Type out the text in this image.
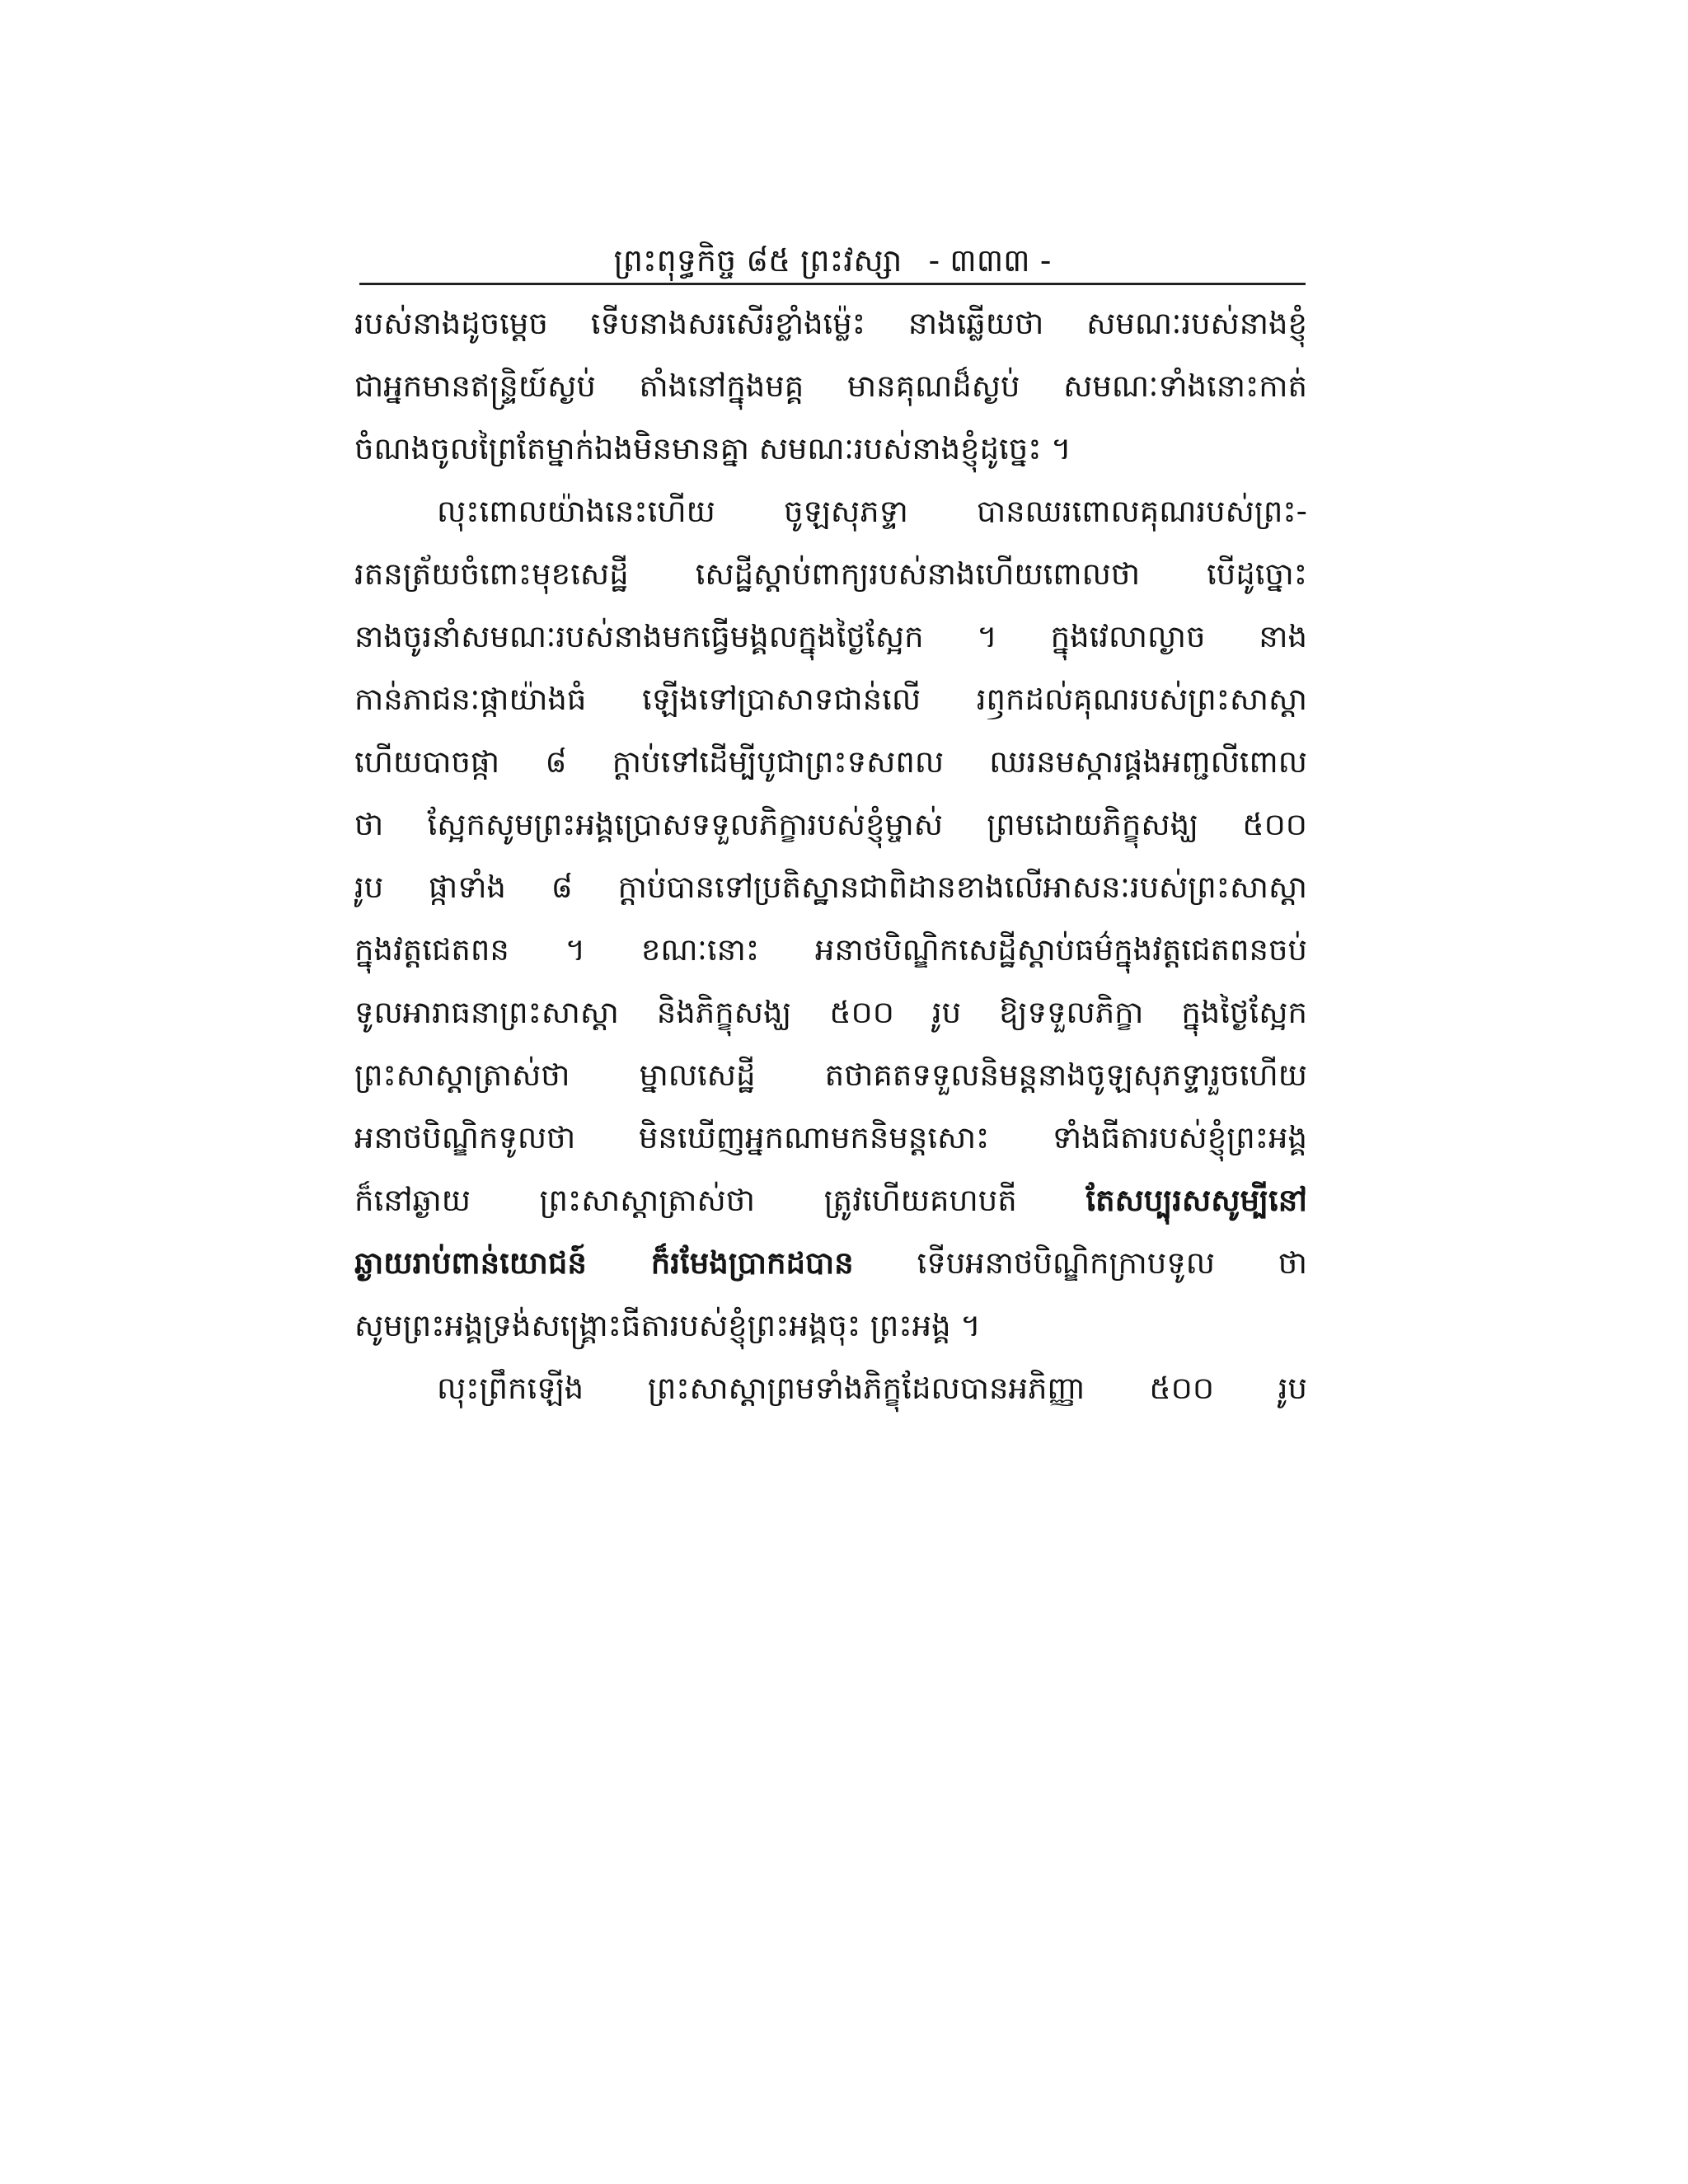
ព្រះពុទ្ធកិច្ច ៨៥ ព្រះវស្សា - ៣៣៣ -
របស់នាងដូចម្ដេច ទើបនាងសរសើរខ្លាំងម្ល៉េះ នាងឆ្លើយថា សមណៈរបស់នាងខ្ញុំ
ជាអ្នកមានឥន្ទ្រិយ៍ស្ងប់ តាំងនៅក្នុងមគ្គ មានគុណដ៏ស្ងប់ សមណៈទាំងនោះកាត់
ចំណងចូលព្រៃតែម្នាក់ឯងមិនមានគ្នា សមណៈរបស់នាងខ្ញុំដូច្នេះ ។
លុះពោលយ៉ាងនេះហើយ ចូឡសុភទ្ទា បានឈរពោលគុណរបស់ព្រះ-
រតនត្រ័យចំពោះមុខសេដ្ឋី សេដ្ឋីស្ដាប់ពាក្យរបស់នាងហើយពោលថា បើដូច្នោះ
នាងចូរនាំសមណៈរបស់នាងមកធ្វើមង្គលក្នុងថ្ងៃស្អែក ។ ក្នុងវេលាល្ងាច នាង
កាន់ភាជនៈផ្កាយ៉ាងធំ ឡើងទៅប្រាសាទជាន់លើ រឭកដល់គុណរបស់ព្រះសាស្ដា
ហើយបាចផ្កា ៨ ក្ដាប់ទៅដើម្បីបូជាព្រះទសពល ឈរនមស្ការផ្គងអញ្ជលីពោល
ថា ស្អែកសូមព្រះអង្គប្រោសទទួលភិក្ខារបស់ខ្ញុំម្ចាស់ ព្រមដោយភិក្ខុសង្ឃ ៥០០
រូប ផ្កាទាំង ៨ ក្ដាប់បានទៅប្រតិស្ឋានជាពិដានខាងលើអាសនៈរបស់ព្រះសាស្ដា
ក្នុងវត្តជេតពន ។ ខណៈនោះ អនាថបិណ្ឌិកសេដ្ឋីស្ដាប់ធម៌ក្នុងវត្តជេតពនចប់
ទូលអារាធនាព្រះសាស្ដា និងភិក្ខុសង្ឃ ៥០០ រូប ឱ្យទទួលភិក្ខា ក្នុងថ្ងៃស្អែក
ព្រះសាស្ដាត្រាស់ថា ម្នាលសេដ្ឋី តថាគតទទួលនិមន្តនាងចូឡសុភទ្ទារួចហើយ
អនាថបិណ្ឌិកទូលថា មិនឃើញអ្នកណាមកនិមន្តសោះ ទាំងធីតារបស់ខ្ញុំព្រះអង្គ
ក៏នៅឆ្ងាយ ព្រះសាស្ដាត្រាស់ថា ត្រូវហើយគហបតី តែសប្បុរសសូម្បីនៅ
ឆ្ងាយរាប់ពាន់យោជន៍ ក៏រមែងប្រាកដបាន ទើបអនាថបិណ្ឌិកក្រាបទូល ថា
សូមព្រះអង្គទ្រង់សង្គ្រោះធីតារបស់ខ្ញុំព្រះអង្គចុះ ព្រះអង្គ ។
លុះព្រឹកឡើង ព្រះសាស្ដាព្រមទាំងភិក្ខុដែលបានអភិញ្ញា ៥០០ រូប
